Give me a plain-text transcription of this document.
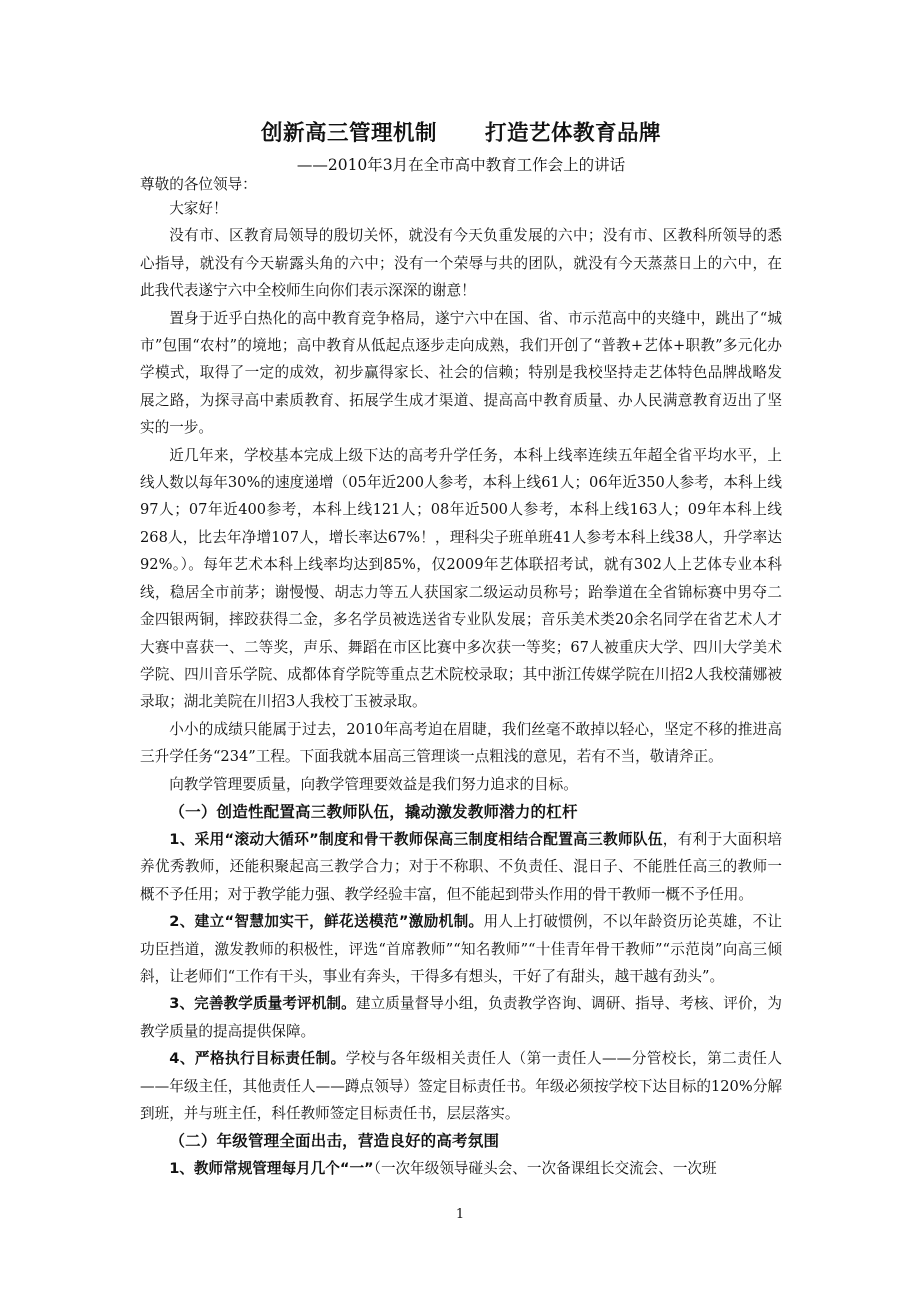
创新高三管理机制      打造艺体教育品牌
——2010年3月在全市高中教育工作会上的讲话

尊敬的各位领导：

大家好！

没有市、区教育局领导的殷切关怀，就没有今天负重发展的六中；没有市、区教科所领导的悉心指导，就没有今天崭露头角的六中；没有一个荣辱与共的团队，就没有今天蒸蒸日上的六中，在此我代表遂宁六中全校师生向你们表示深深的谢意！

置身于近乎白热化的高中教育竞争格局，遂宁六中在国、省、市示范高中的夹缝中，跳出了“城市”包围“农村”的境地；高中教育从低起点逐步走向成熟，我们开创了“普教+艺体+职教”多元化办学模式，取得了一定的成效，初步赢得家长、社会的信赖；特别是我校坚持走艺体特色品牌战略发展之路，为探寻高中素质教育、拓展学生成才渠道、提高高中教育质量、办人民满意教育迈出了坚实的一步。

近几年来，学校基本完成上级下达的高考升学任务，本科上线率连续五年超全省平均水平，上线人数以每年30%的速度递增（05年近200人参考，本科上线61人；06年近350人参考，本科上线97人；07年近400参考，本科上线121人；08年近500人参考，本科上线163人；09年本科上线268人，比去年净增107人，增长率达67%！，理科尖子班单班41人参考本科上线38人，升学率达92%。）。每年艺术本科上线率均达到85%，仅2009年艺体联招考试，就有302人上艺体专业本科线，稳居全市前茅；谢慢慢、胡志力等五人获国家二级运动员称号；跆拳道在全省锦标赛中男夺二金四银两铜，摔跤获得二金，多名学员被选送省专业队发展；音乐美术类20余名同学在省艺术人才大赛中喜获一、二等奖，声乐、舞蹈在市区比赛中多次获一等奖；67人被重庆大学、四川大学美术学院、四川音乐学院、成都体育学院等重点艺术院校录取；其中浙江传媒学院在川招2人我校蒲娜被录取；湖北美院在川招3人我校丁玉被录取。

小小的成绩只能属于过去，2010年高考迫在眉睫，我们丝毫不敢掉以轻心，坚定不移的推进高三升学任务“234”工程。下面我就本届高三管理谈一点粗浅的意见，若有不当，敬请斧正。

向教学管理要质量，向教学管理要效益是我们努力追求的目标。

（一）创造性配置高三教师队伍，撬动激发教师潜力的杠杆

1、采用“滚动大循环”制度和骨干教师保高三制度相结合配置高三教师队伍，有利于大面积培养优秀教师，还能积聚起高三教学合力；对于不称职、不负责任、混日子、不能胜任高三的教师一概不予任用；对于教学能力强、教学经验丰富，但不能起到带头作用的骨干教师一概不予任用。

2、建立“智慧加实干，鲜花送模范”激励机制。用人上打破惯例，不以年龄资历论英雄，不让功臣挡道，激发教师的积极性，评选“首席教师”“知名教师”“十佳青年骨干教师”“示范岗”向高三倾斜，让老师们“工作有干头，事业有奔头，干得多有想头，干好了有甜头，越干越有劲头”。

3、完善教学质量考评机制。建立质量督导小组，负责教学咨询、调研、指导、考核、评价，为教学质量的提高提供保障。

4、严格执行目标责任制。学校与各年级相关责任人（第一责任人——分管校长，第二责任人——年级主任，其他责任人——蹲点领导）签定目标责任书。年级必须按学校下达目标的120%分解到班，并与班主任，科任教师签定目标责任书，层层落实。

（二）年级管理全面出击，营造良好的高考氛围

1、教师常规管理每月几个“一”（一次年级领导碰头会、一次备课组长交流会、一次班

1
